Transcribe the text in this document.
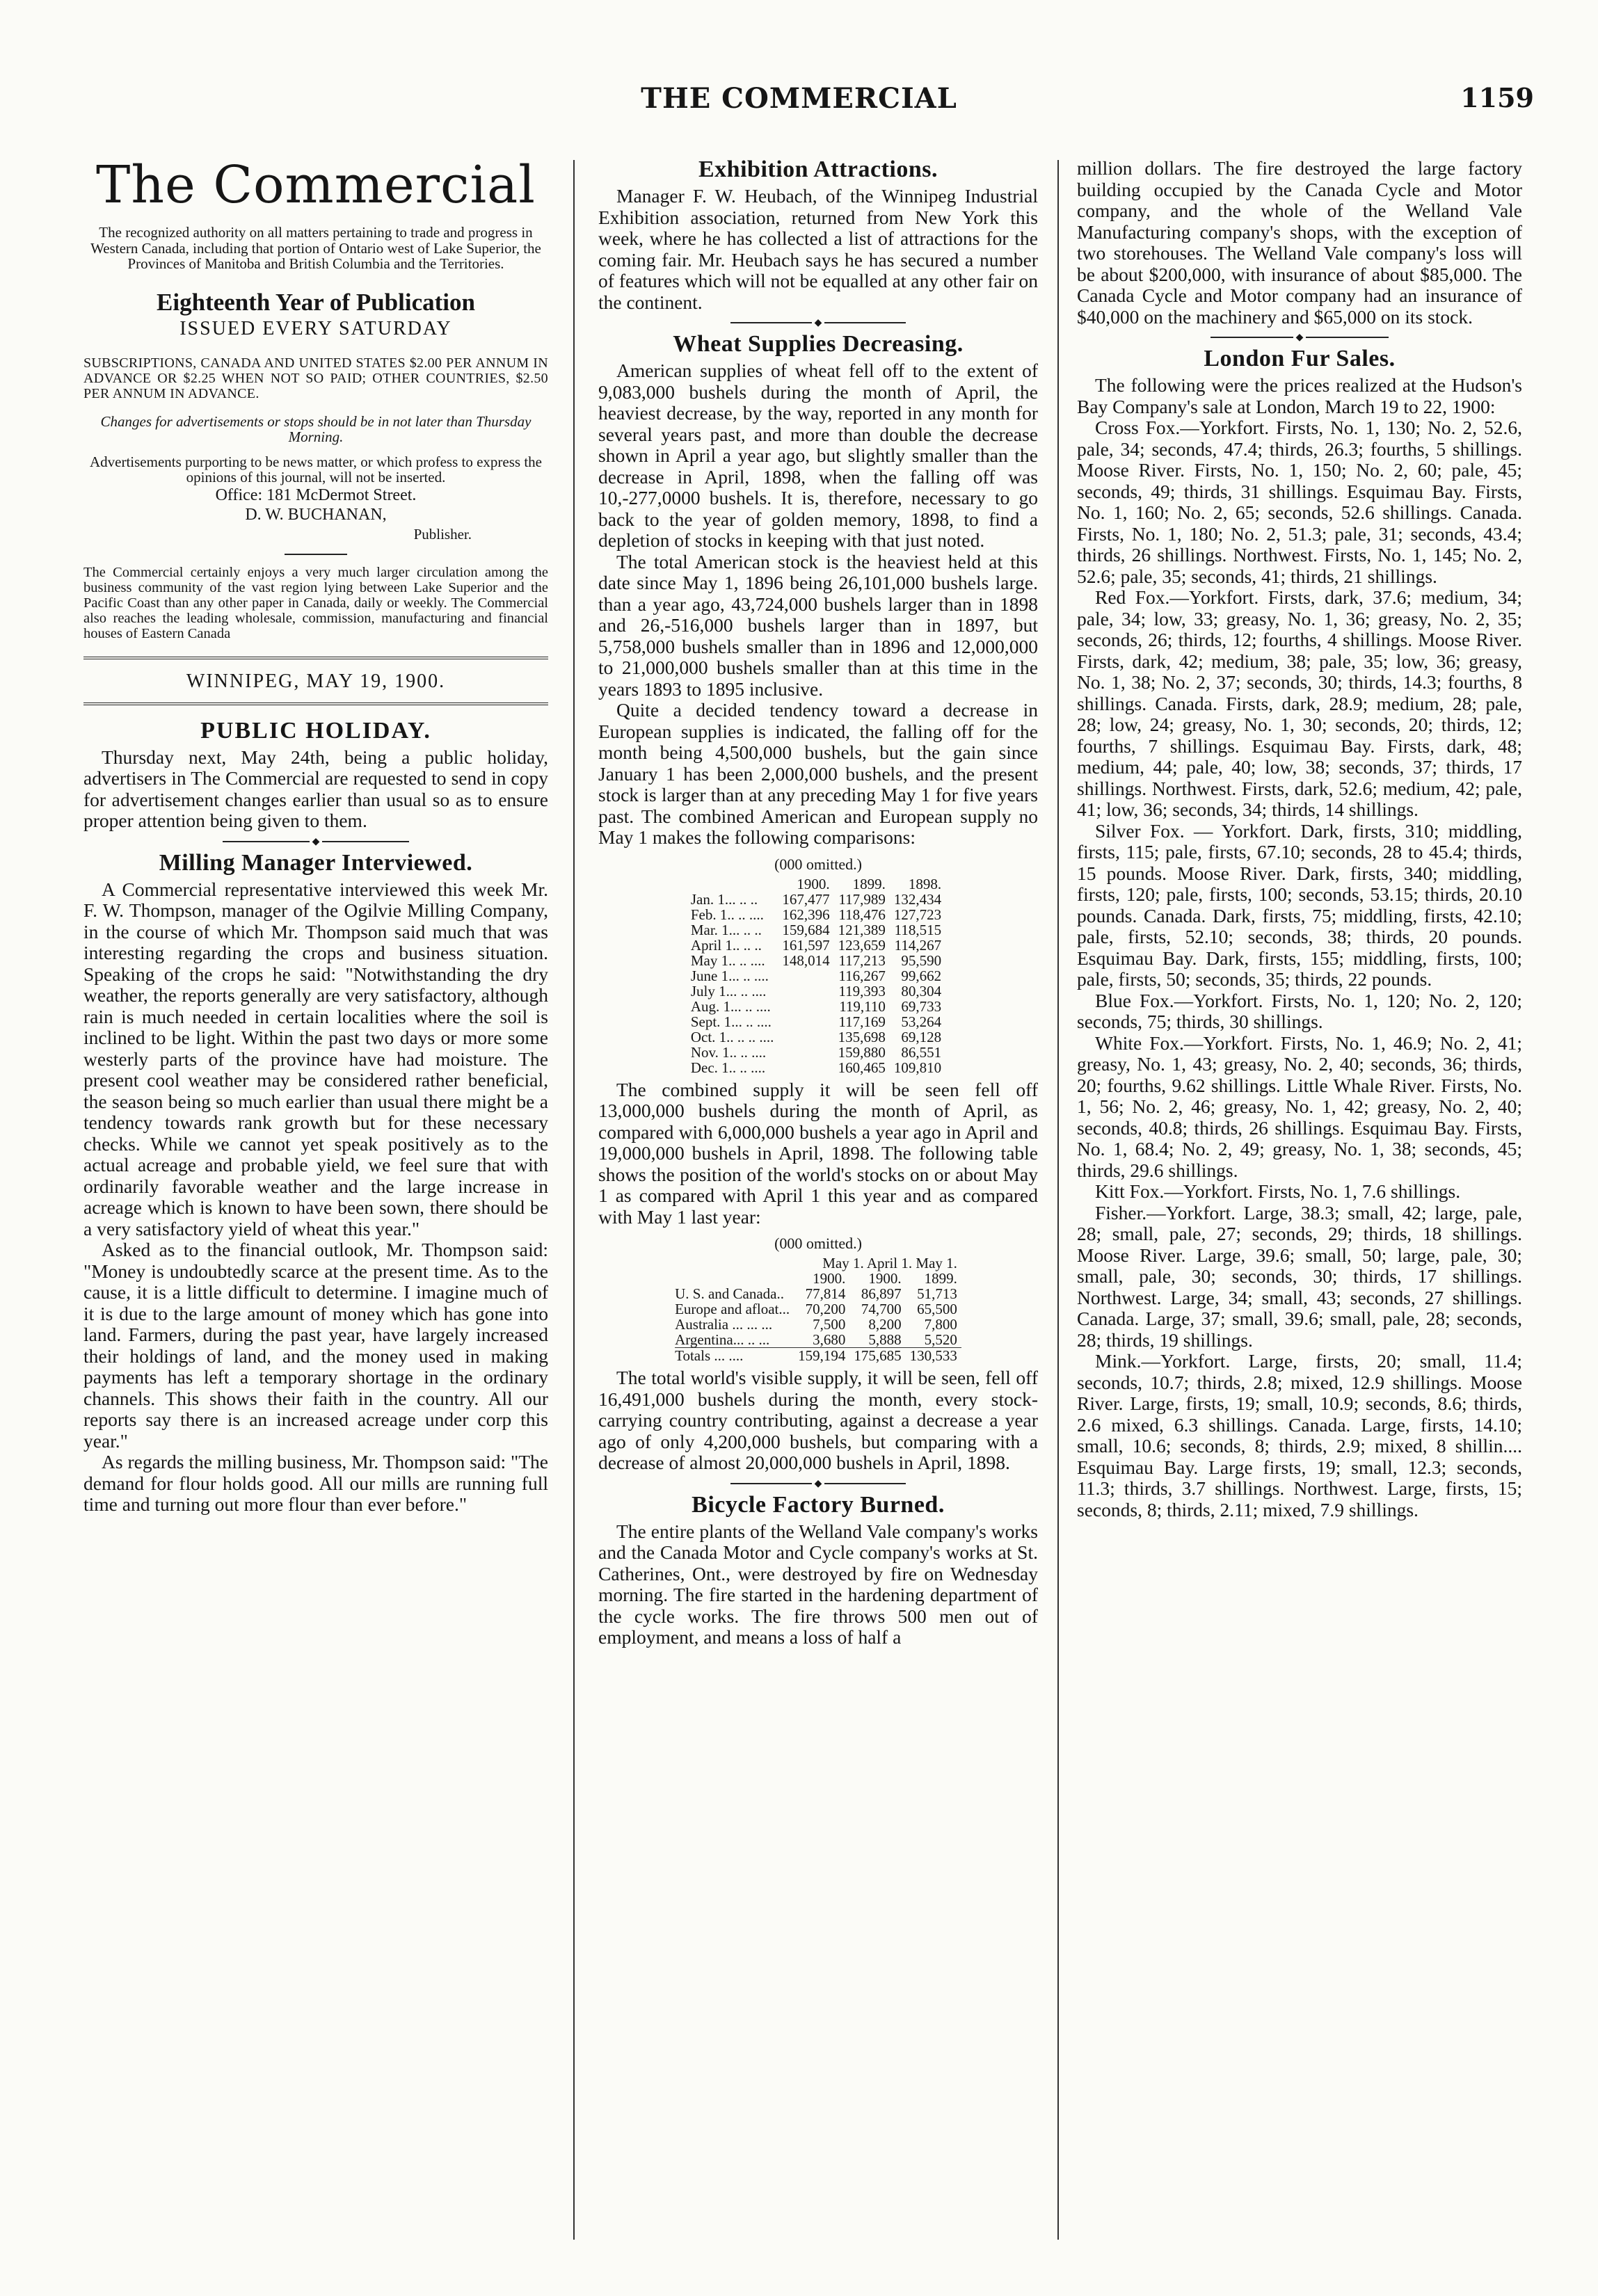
THE COMMERCIAL	1159
The Commercial

The recognized authority on all matters pertaining to trade and progress in Western Canada, including that portion of Ontario west of Lake Superior, the Provinces of Manitoba and British Columbia and the Territories.

Eighteenth Year of Publication
ISSUED EVERY SATURDAY

SUBSCRIPTIONS, CANADA AND UNITED STATES $2.00 PER ANNUM IN ADVANCE OR $2.25 WHEN NOT SO PAID; OTHER COUNTRIES, $2.50 PER ANNUM IN ADVANCE.

Changes for advertisements or stops should be in not later than Thursday Morning.

Advertisements purporting to be news matter, or which profess to express the opinions of this journal, will not be inserted.

Office: 181 McDermot Street.
D. W. BUCHANAN,
Publisher.

The Commercial certainly enjoys a very much larger circulation among the business community of the vast region lying between Lake Superior and the Pacific Coast than any other paper in Canada, daily or weekly. The Commercial also reaches the leading wholesale, commission, manufacturing and financial houses of Eastern Canada

WINNIPEG, MAY 19, 1900.
PUBLIC HOLIDAY.

Thursday next, May 24th, being a public holiday, advertisers in The Commercial are requested to send in copy for advertisement changes earlier than usual so as to ensure proper attention being given to them.

◆
Milling Manager Interviewed.

A Commercial representative interviewed this week Mr. F. W. Thompson, manager of the Ogilvie Milling Company, in the course of which Mr. Thompson said much that was interesting regarding the crops and business situation. Speaking of the crops he said: "Notwithstanding the dry weather, the reports generally are very satisfactory, although rain is much needed in certain localities where the soil is inclined to be light. Within the past two days or more some westerly parts of the province have had moisture. The present cool weather may be considered rather beneficial, the season being so much earlier than usual there might be a tendency towards rank growth but for these necessary checks. While we cannot yet speak positively as to the actual acreage and probable yield, we feel sure that with ordinarily favorable weather and the large increase in acreage which is known to have been sown, there should be a very satisfactory yield of wheat this year."

Asked as to the financial outlook, Mr. Thompson said: "Money is undoubtedly scarce at the present time. As to the cause, it is a little difficult to determine. I imagine much of it is due to the large amount of money which has gone into land. Farmers, during the past year, have largely increased their holdings of land, and the money used in making payments has left a temporary shortage in the ordinary channels. This shows their faith in the country. All our reports say there is an increased acreage under corp this year."

As regards the milling business, Mr. Thompson said: "The demand for flour holds good. All our mills are running full time and turning out more flour than ever before."

Exhibition Attractions.

Manager F. W. Heubach, of the Winnipeg Industrial Exhibition association, returned from New York this week, where he has collected a list of attractions for the coming fair. Mr. Heubach says he has secured a number of features which will not be equalled at any other fair on the continent.

◆
Wheat Supplies Decreasing.

American supplies of wheat fell off to the extent of 9,083,000 bushels during the month of April, the heaviest decrease, by the way, reported in any month for several years past, and more than double the decrease shown in April a year ago, but slightly smaller than the decrease in April, 1898, when the falling off was 10,-277,0000 bushels. It is, therefore, necessary to go back to the year of golden memory, 1898, to find a depletion of stocks in keeping with that just noted.

The total American stock is the heaviest held at this date since May 1, 1896 being 26,101,000 bushels large. than a year ago, 43,724,000 bushels larger than in 1898 and 26,-516,000 bushels larger than in 1897, but 5,758,000 bushels smaller than in 1896 and 12,000,000 to 21,000,000 bushels smaller than at this time in the years 1893 to 1895 inclusive.

Quite a decided tendency toward a decrease in European supplies is indicated, the falling off for the month being 4,500,000 bushels, but the gain since January 1 has been 2,000,000 bushels, and the present stock is larger than at any preceding May 1 for five years past. The combined American and European supply no May 1 makes the following comparisons:

(000 omitted.)
	1900.	1899.	1898.
Jan. 1... .. ..	167,477	117,989	132,434
Feb. 1.. .. ....	162,396	118,476	127,723
Mar. 1... .. ..	159,684	121,389	118,515
April 1.. .. ..	161,597	123,659	114,267
May 1.. .. ....	148,014	117,213	95,590
June 1... .. ....		116,267	99,662
July 1... .. ....		119,393	80,304
Aug. 1... .. ....		119,110	69,733
Sept. 1... .. ....		117,169	53,264
Oct. 1.. .. .. ....		135,698	69,128
Nov. 1.. .. ....		159,880	86,551
Dec. 1.. .. ....		160,465	109,810

The combined supply it will be seen fell off 13,000,000 bushels during the month of April, as compared with 6,000,000 bushels a year ago in April and 19,000,000 bushels in April, 1898. The following table shows the position of the world's stocks on or about May 1 as compared with April 1 this year and as compared with May 1 last year:

(000 omitted.)
	May 1. April 1. May 1.		
	1900.	1900.	1899.
U. S. and Canada..	77,814	86,897	51,713
Europe and afloat...	70,200	74,700	65,500
Australia ... ... ...	7,500	8,200	7,800
Argentina... .. ...	3,680	5,888	5,520
Totals ... ....	159,194	175,685	130,533

The total world's visible supply, it will be seen, fell off 16,491,000 bushels during the month, every stock-carrying country contributing, against a decrease a year ago of only 4,200,000 bushels, but comparing with a decrease of almost 20,000,000 bushels in April, 1898.

◆
Bicycle Factory Burned.

The entire plants of the Welland Vale company's works and the Canada Motor and Cycle company's works at St. Catherines, Ont., were destroyed by fire on Wednesday morning. The fire started in the hardening department of the cycle works. The fire throws 500 men out of employment, and means a loss of half a

million dollars. The fire destroyed the large factory building occupied by the Canada Cycle and Motor company, and the whole of the Welland Vale Manufacturing company's shops, with the exception of two storehouses. The Welland Vale company's loss will be about $200,000, with insurance of about $85,000. The Canada Cycle and Motor company had an insurance of $40,000 on the machinery and $65,000 on its stock.

◆
London Fur Sales.

The following were the prices realized at the Hudson's Bay Company's sale at London, March 19 to 22, 1900:

Cross Fox.—Yorkfort. Firsts, No. 1, 130; No. 2, 52.6, pale, 34; seconds, 47.4; thirds, 26.3; fourths, 5 shillings. Moose River. Firsts, No. 1, 150; No. 2, 60; pale, 45; seconds, 49; thirds, 31 shillings. Esquimau Bay. Firsts, No. 1, 160; No. 2, 65; seconds, 52.6 shillings. Canada. Firsts, No. 1, 180; No. 2, 51.3; pale, 31; seconds, 43.4; thirds, 26 shillings. Northwest. Firsts, No. 1, 145; No. 2, 52.6; pale, 35; seconds, 41; thirds, 21 shillings.

Red Fox.—Yorkfort. Firsts, dark, 37.6; medium, 34; pale, 34; low, 33; greasy, No. 1, 36; greasy, No. 2, 35; seconds, 26; thirds, 12; fourths, 4 shillings. Moose River. Firsts, dark, 42; medium, 38; pale, 35; low, 36; greasy, No. 1, 38; No. 2, 37; seconds, 30; thirds, 14.3; fourths, 8 shillings. Canada. Firsts, dark, 28.9; medium, 28; pale, 28; low, 24; greasy, No. 1, 30; seconds, 20; thirds, 12; fourths, 7 shillings. Esquimau Bay. Firsts, dark, 48; medium, 44; pale, 40; low, 38; seconds, 37; thirds, 17 shillings. Northwest. Firsts, dark, 52.6; medium, 42; pale, 41; low, 36; seconds, 34; thirds, 14 shillings.

Silver Fox. — Yorkfort. Dark, firsts, 310; middling, firsts, 115; pale, firsts, 67.10; seconds, 28 to 45.4; thirds, 15 pounds. Moose River. Dark, firsts, 340; middling, firsts, 120; pale, firsts, 100; seconds, 53.15; thirds, 20.10 pounds. Canada. Dark, firsts, 75; middling, firsts, 42.10; pale, firsts, 52.10; seconds, 38; thirds, 20 pounds. Esquimau Bay. Dark, firsts, 155; middling, firsts, 100; pale, firsts, 50; seconds, 35; thirds, 22 pounds.

Blue Fox.—Yorkfort. Firsts, No. 1, 120; No. 2, 120; seconds, 75; thirds, 30 shillings.

White Fox.—Yorkfort. Firsts, No. 1, 46.9; No. 2, 41; greasy, No. 1, 43; greasy, No. 2, 40; seconds, 36; thirds, 20; fourths, 9.62 shillings. Little Whale River. Firsts, No. 1, 56; No. 2, 46; greasy, No. 1, 42; greasy, No. 2, 40; seconds, 40.8; thirds, 26 shillings. Esquimau Bay. Firsts, No. 1, 68.4; No. 2, 49; greasy, No. 1, 38; seconds, 45; thirds, 29.6 shillings.

Kitt Fox.—Yorkfort. Firsts, No. 1, 7.6 shillings.

Fisher.—Yorkfort. Large, 38.3; small, 42; large, pale, 28; small, pale, 27; seconds, 29; thirds, 18 shillings. Moose River. Large, 39.6; small, 50; large, pale, 30; small, pale, 30; seconds, 30; thirds, 17 shillings. Northwest. Large, 34; small, 43; seconds, 27 shillings. Canada. Large, 37; small, 39.6; small, pale, 28; seconds, 28; thirds, 19 shillings.

Mink.—Yorkfort. Large, firsts, 20; small, 11.4; seconds, 10.7; thirds, 2.8; mixed, 12.9 shillings. Moose River. Large, firsts, 19; small, 10.9; seconds, 8.6; thirds, 2.6 mixed, 6.3 shillings. Canada. Large, firsts, 14.10; small, 10.6; seconds, 8; thirds, 2.9; mixed, 8 shillin.... Esquimau Bay. Large firsts, 19; small, 12.3; seconds, 11.3; thirds, 3.7 shillings. Northwest. Large, firsts, 15; seconds, 8; thirds, 2.11; mixed, 7.9 shillings.
